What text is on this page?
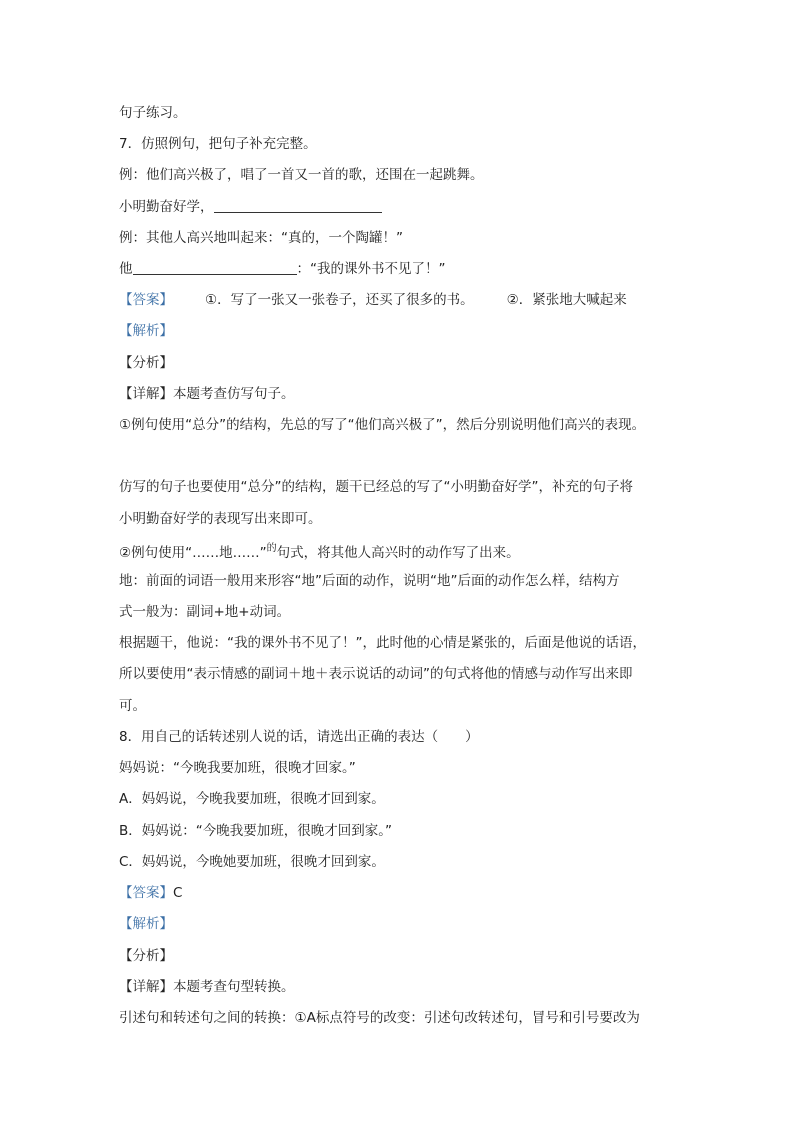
句子练习。
7．仿照例句，把句子补充完整。
例：他们高兴极了，唱了一首又一首的歌，还围在一起跳舞。
小明勤奋好学，
例：其他人高兴地叫起来：“真的，一个陶罐！”
他	：“我的课外书不见了！”
【答案】 ①．写了一张又一张卷子，还买了很多的书。 ②．紧张地大喊起来
【解析】
【分析】
【详解】本题考查仿写句子。
①例句使用“总分”的结构，先总的写了“他们高兴极了”，然后分别说明他们高兴的表现。
仿写的句子也要使用“总分”的结构，题干已经总的写了“小明勤奋好学”，补充的句子将
小明勤奋好学的表现写出来即可。
②例句使用“……地……”$^的$句式，将其他人高兴时的动作写了出来。
地：前面的词语一般用来形容“地”后面的动作，说明“地”后面的动作怎么样，结构方
式一般为：副词+地+动词。
根据题干，他说：“我的课外书不见了！”，此时他的心情是紧张的，后面是他说的话语，
所以要使用“表示情感的副词＋地＋表示说话的动词”的句式将他的情感与动作写出来即
可。
8．用自己的话转述别人说的话，请选出正确的表达（　　）
妈妈说：“今晚我要加班，很晚才回家。”
A．妈妈说，今晚我要加班，很晚才回到家。
B．妈妈说：“今晚我要加班，很晚才回到家。”
C．妈妈说，今晚她要加班，很晚才回到家。
【答案】C
【解析】
【分析】
【详解】本题考查句型转换。
引述句和转述句之间的转换：①A标点符号的改变：引述句改转述句，冒号和引号要改为
